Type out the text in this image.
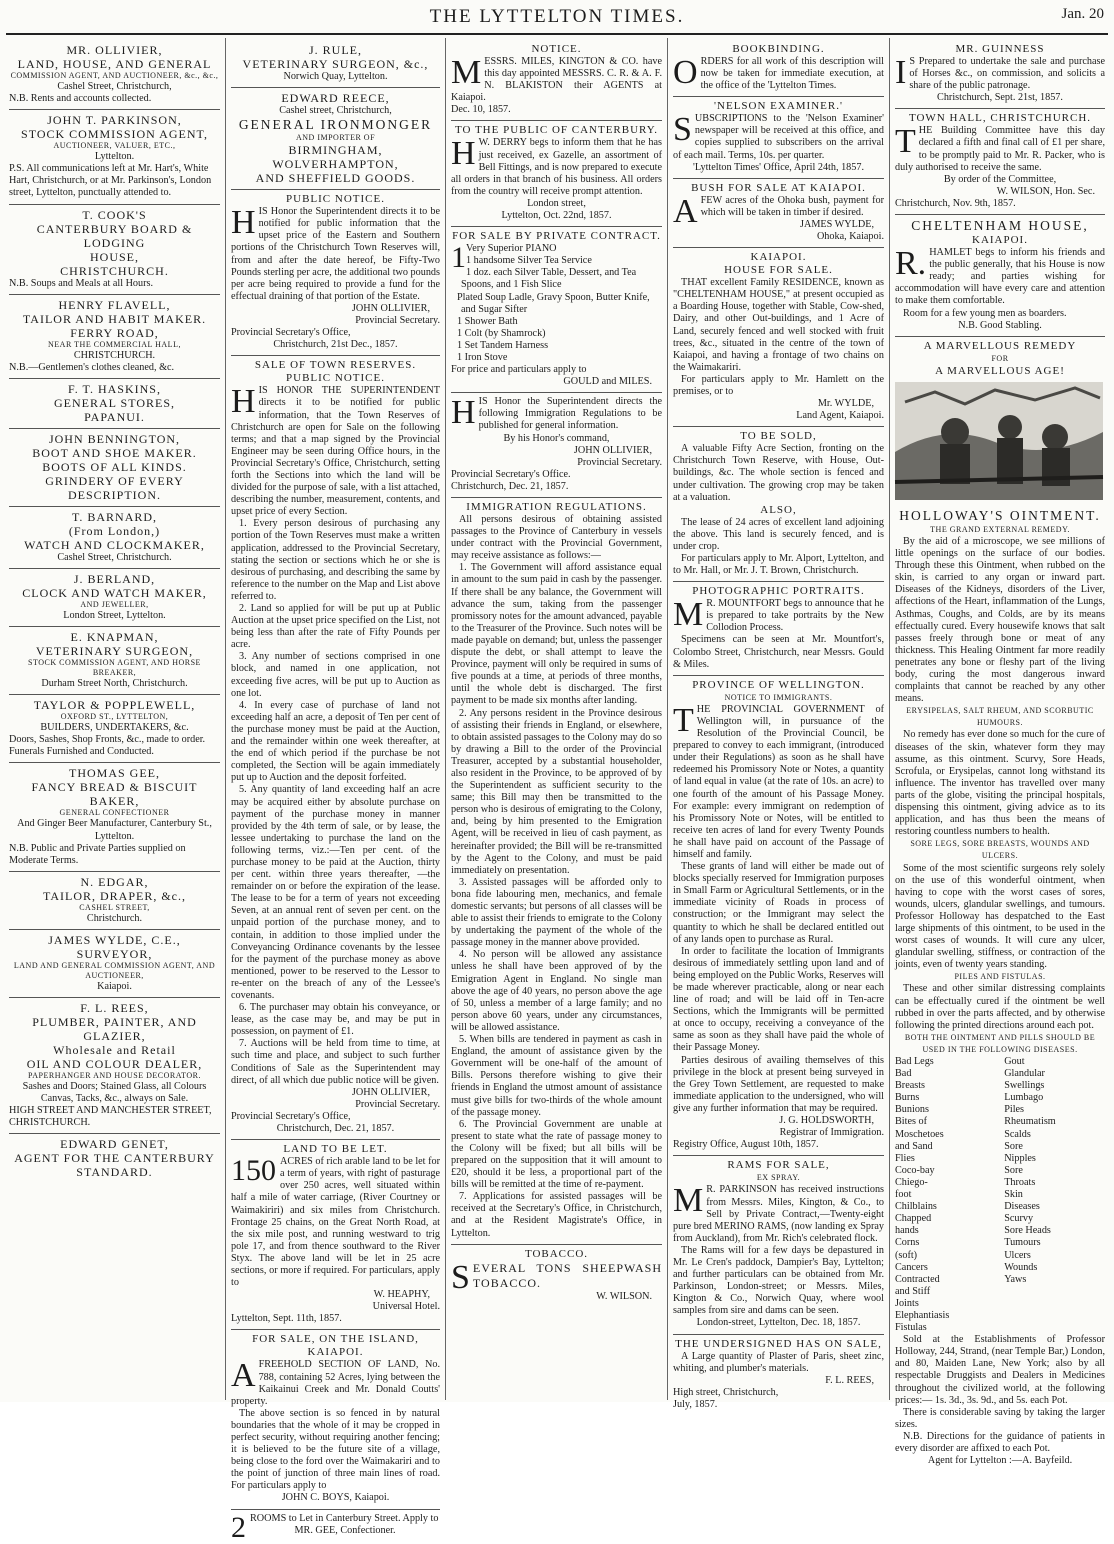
THE LYTTELTON TIMES.	Jan. 20
MR. OLLIVIER,
LAND, HOUSE, AND GENERAL
COMMISSION AGENT, AND AUCTIONEER, &c., &c.,
Cashel Street, Christchurch,
N.B. Rents and accounts collected.
JOHN T. PARKINSON,
STOCK COMMISSION AGENT,
AUCTIONEER, VALUER, ETC.,
Lyttelton.
P.S. All communications left at Mr. Hart's, White Hart, Christchurch, or at Mr. Parkinson's, London street, Lyttelton, punctually attended to.
T. COOK'S
CANTERBURY BOARD & LODGING
HOUSE,
CHRISTCHURCH.
N.B. Soups and Meals at all Hours.
HENRY FLAVELL,
TAILOR AND HABIT MAKER.
FERRY ROAD,
NEAR THE COMMERCIAL HALL,
CHRISTCHURCH.
N.B.—Gentlemen's clothes cleaned, &c.
F. T. HASKINS,
GENERAL STORES,
PAPANUI.
JOHN BENNINGTON,
BOOT AND SHOE MAKER.
BOOTS OF ALL KINDS.
GRINDERY OF EVERY DESCRIPTION.
T. BARNARD,
(From London,)
WATCH AND CLOCKMAKER,
Cashel Street, Christchurch.
J. BERLAND,
CLOCK AND WATCH MAKER,
AND JEWELLER,
London Street, Lyttelton.
E. KNAPMAN,
VETERINARY SURGEON,
STOCK COMMISSION AGENT, AND HORSE BREAKER,
Durham Street North, Christchurch.
TAYLOR & POPPLEWELL,
OXFORD ST., LYTTELTON,
BUILDERS, UNDERTAKERS, &c.
Doors, Sashes, Shop Fronts, &c., made to order. Funerals Furnished and Conducted.
THOMAS GEE,
FANCY BREAD & BISCUIT BAKER,
GENERAL CONFECTIONER
And Ginger Beer Manufacturer, Canterbury St., Lyttelton.
N.B. Public and Private Parties supplied on Moderate Terms.
N. EDGAR,
TAILOR, DRAPER, &c.,
CASHEL STREET,
Christchurch.
JAMES WYLDE, C.E.,
SURVEYOR,
LAND AND GENERAL COMMISSION AGENT, AND AUCTIONEER,
Kaiapoi.
F. L. REES,
PLUMBER, PAINTER, AND GLAZIER,
Wholesale and Retail
OIL AND COLOUR DEALER,
PAPERHANGER AND HOUSE DECORATOR.
Sashes and Doors; Stained Glass, all Colours Canvas, Tacks, &c., always on Sale.
HIGH STREET AND MANCHESTER STREET, CHRISTCHURCH.
EDWARD GENET,
AGENT FOR THE CANTERBURY
STANDARD.
J. RULE,
VETERINARY SURGEON, &c.,
Norwich Quay, Lyttelton.
EDWARD REECE,
Cashel street, Christchurch,
GENERAL IRONMONGER
AND IMPORTER OF
BIRMINGHAM, WOLVERHAMPTON,
AND SHEFFIELD GOODS.
PUBLIC NOTICE.

HIS Honor the Superintendent directs it to be notified for public information that the upset price of the Eastern and Southern portions of the Christchurch Town Reserves will, from and after the date hereof, be Fifty-Two Pounds sterling per acre, the additional two pounds per acre being required to provide a fund for the effectual draining of that portion of the Estate.

JOHN OLLIVIER,
Provincial Secretary.
Provincial Secretary's Office,
Christchurch, 21st Dec., 1857.
SALE OF TOWN RESERVES.
PUBLIC NOTICE.

HIS HONOR THE SUPERINTENDENT directs it to be notified for public information, that the Town Reserves of Christchurch are open for Sale on the following terms; and that a map signed by the Provincial Engineer may be seen during Office hours, in the Provincial Secretary's Office, Christchurch, setting forth the Sections into which the land will be divided for the purpose of sale, with a list attached, describing the number, measurement, contents, and upset price of every Section.

1. Every person desirous of purchasing any portion of the Town Reserves must make a written application, addressed to the Provincial Secretary, stating the section or sections which he or she is desirous of purchasing, and describing the same by reference to the number on the Map and List above referred to.

2. Land so applied for will be put up at Public Auction at the upset price specified on the List, not being less than after the rate of Fifty Pounds per acre.

3. Any number of sections comprised in one block, and named in one application, not exceeding five acres, will be put up to Auction as one lot.

4. In every case of purchase of land not exceeding half an acre, a deposit of Ten per cent of the purchase money must be paid at the Auction, and the remainder within one week thereafter, at the end of which period if the purchase be not completed, the Section will be again immediately put up to Auction and the deposit forfeited.

5. Any quantity of land exceeding half an acre may be acquired either by absolute purchase on payment of the purchase money in manner provided by the 4th term of sale, or by lease, the lessee undertaking to purchase the land on the following terms, viz.:—Ten per cent. of the purchase money to be paid at the Auction, thirty per cent. within three years thereafter, —the remainder on or before the expiration of the lease. The lease to be for a term of years not exceeding Seven, at an annual rent of seven per cent. on the unpaid portion of the purchase money, and to contain, in addition to those implied under the Conveyancing Ordinance covenants by the lessee for the payment of the purchase money as above mentioned, power to be reserved to the Lessor to re-enter on the breach of any of the Lessee's covenants.

6. The purchaser may obtain his conveyance, or lease, as the case may be, and may be put in possession, on payment of £1.

7. Auctions will be held from time to time, at such time and place, and subject to such further Conditions of Sale as the Superintendent may direct, of all which due public notice will be given.

JOHN OLLIVIER,
Provincial Secretary.
Provincial Secretary's Office,
Christchurch, Dec. 21, 1857.
LAND TO BE LET.

150 ACRES of rich arable land to be let for a term of years, with right of pasturage over 250 acres, well situated within half a mile of water carriage, (River Courtney or Waimakiriri) and six miles from Christchurch. Frontage 25 chains, on the Great North Road, at the six mile post, and running westward to trig pole 17, and from thence southward to the River Styx. The above land will be let in 25 acre sections, or more if required. For particulars, apply to

W. HEAPHY,
Universal Hotel.
Lyttelton, Sept. 11th, 1857.
FOR SALE, ON THE ISLAND, KAIAPOI.

AFREEHOLD SECTION OF LAND, No. 788, containing 52 Acres, lying between the Kaikainui Creek and Mr. Donald Coutts' property.

The above section is so fenced in by natural boundaries that the whole of it may be cropped in perfect security, without requiring another fencing; it is believed to be the future site of a village, being close to the ford over the Waimakariri and to the point of junction of three main lines of road. For particulars apply to

JOHN C. BOYS, Kaiapoi.

2 ROOMS to Let in Canterbury Street. Apply to

MR. GEE, Confectioner.
NOTICE.

MESSRS. MILES, KINGTON & CO. have this day appointed MESSRS. C. R. & A. F. N. BLAKISTON their AGENTS at Kaiapoi.

Dec. 10, 1857.
TO THE PUBLIC OF CANTERBURY.

H W. DERRY begs to inform them that he has just received, ex Gazelle, an assortment of Bell Fittings, and is now prepared to execute all orders in that branch of his business. All orders from the country will receive prompt attention.

London street,
Lyttelton, Oct. 22nd, 1857.
FOR SALE BY PRIVATE CONTRACT.
1 Very Superior PIANO
1 handsome Silver Tea Service
1 doz. each Silver Table, Dessert, and Tea Spoons, and 1 Fish Slice
Plated Soup Ladle, Gravy Spoon, Butter Knife, and Sugar Sifter
1 Shower Bath
1 Colt (by Shamrock)
1 Set Tandem Harness
1 Iron Stove
For price and particulars apply to
GOULD and MILES.

HIS Honor the Superintendent directs the following Immigration Regulations to be published for general information.

By his Honor's command,
JOHN OLLIVIER,
Provincial Secretary.
Provincial Secretary's Office.
Christchurch, Dec. 21, 1857.
IMMIGRATION REGULATIONS.

All persons desirous of obtaining assisted passages to the Province of Canterbury in vessels under contract with the Provincial Government, may receive assistance as follows:—

1. The Government will afford assistance equal in amount to the sum paid in cash by the passenger. If there shall be any balance, the Government will advance the sum, taking from the passenger promissory notes for the amount advanced, payable to the Treasurer of the Province. Such notes will be made payable on demand; but, unless the passenger dispute the debt, or shall attempt to leave the Province, payment will only be required in sums of five pounds at a time, at periods of three months, until the whole debt is discharged. The first payment to be made six months after landing.

2. Any persons resident in the Province desirous of assisting their friends in England, or elsewhere, to obtain assisted passages to the Colony may do so by drawing a Bill to the order of the Provincial Treasurer, accepted by a substantial householder, also resident in the Province, to be approved of by the Superintendent as sufficient security to the same; this Bill may then be transmitted to the person who is desirous of emigrating to the Colony, and, being by him presented to the Emigration Agent, will be received in lieu of cash payment, as hereinafter provided; the Bill will be re-transmitted by the Agent to the Colony, and must be paid immediately on presentation.

3. Assisted passages will be afforded only to bona fide labouring men, mechanics, and female domestic servants; but persons of all classes will be able to assist their friends to emigrate to the Colony by undertaking the payment of the whole of the passage money in the manner above provided.

4. No person will be allowed any assistance unless he shall have been approved of by the Emigration Agent in England. No single man above the age of 40 years, no person above the age of 50, unless a member of a large family; and no person above 60 years, under any circumstances, will be allowed assistance.

5. When bills are tendered in payment as cash in England, the amount of assistance given by the Government will be one-half of the amount of Bills. Persons therefore wishing to give their friends in England the utmost amount of assistance must give bills for two-thirds of the whole amount of the passage money.

6. The Provincial Government are unable at present to state what the rate of passage money to the Colony will be fixed; but all bills will be prepared on the supposition that it will amount to £20, should it be less, a proportional part of the bills will be remitted at the time of re-payment.

7. Applications for assisted passages will be received at the Secretary's Office, in Christchurch, and at the Resident Magistrate's Office, in Lyttelton.

TOBACCO.

SEVERAL TONS SHEEPWASH TOBACCO.

W. WILSON.
BOOKBINDING.

ORDERS for all work of this description will now be taken for immediate execution, at the office of the 'Lyttelton Times.

'NELSON EXAMINER.'

SUBSCRIPTIONS to the 'Nelson Examiner' newspaper will be received at this office, and copies supplied to subscribers on the arrival of each mail. Terms, 10s. per quarter.

'Lyttelton Times' Office, April 24th, 1857.
BUSH FOR SALE AT KAIAPOI.

AFEW acres of the Ohoka bush, payment for which will be taken in timber if desired.

JAMES WYLDE,
Ohoka, Kaiapoi.
KAIAPOI.
HOUSE FOR SALE.

THAT excellent Family RESIDENCE, known as "CHELTENHAM HOUSE," at present occupied as a Boarding House, together with Stable, Cow-shed, Dairy, and other Out-buildings, and 1 Acre of Land, securely fenced and well stocked with fruit trees, &c., situated in the centre of the town of Kaiapoi, and having a frontage of two chains on the Waimakariri.

For particulars apply to Mr. Hamlett on the premises, or to

Mr. WYLDE,
Land Agent, Kaiapoi.
TO BE SOLD,

A valuable Fifty Acre Section, fronting on the Christchurch Town Reserve, with House, Out-buildings, &c. The whole section is fenced and under cultivation. The growing crop may be taken at a valuation.

ALSO,

The lease of 24 acres of excellent land adjoining the above. This land is securely fenced, and is under crop.

For particulars apply to Mr. Alport, Lyttelton, and to Mr. Hall, or Mr. J. T. Brown, Christchurch.

PHOTOGRAPHIC PORTRAITS.

M R. MOUNTFORT begs to announce that he is prepared to take portraits by the New Collodion Process.

Specimens can be seen at Mr. Mountfort's, Colombo Street, Christchurch, near Messrs. Gould & Miles.

PROVINCE OF WELLINGTON.
NOTICE TO IMMIGRANTS.

THE PROVINCIAL GOVERNMENT of Wellington will, in pursuance of the Resolution of the Provincial Council, be prepared to convey to each immigrant, (introduced under their Regulations) as soon as he shall have redeemed his Promissory Note or Notes, a quantity of land equal in value (at the rate of 10s. an acre) to one fourth of the amount of his Passage Money. For example: every immigrant on redemption of his Promissory Note or Notes, will be entitled to receive ten acres of land for every Twenty Pounds he shall have paid on account of the Passage of himself and family.

These grants of land will either be made out of blocks specially reserved for Immigration purposes in Small Farm or Agricultural Settlements, or in the immediate vicinity of Roads in process of construction; or the Immigrant may select the quantity to which he shall be declared entitled out of any lands open to purchase as Rural.

In order to facilitate the location of Immigrants desirous of immediately settling upon land and of being employed on the Public Works, Reserves will be made wherever practicable, along or near each line of road; and will be laid off in Ten-acre Sections, which the Immigrants will be permitted at once to occupy, receiving a conveyance of the same as soon as they shall have paid the whole of their Passage Money.

Parties desirous of availing themselves of this privilege in the block at present being surveyed in the Grey Town Settlement, are requested to make immediate application to the undersigned, who will give any further information that may be required.

J. G. HOLDSWORTH,
Registrar of Immigration.
Registry Office, August 10th, 1857.
RAMS FOR SALE,
EX SPRAY.

M R. PARKINSON has received instructions from Messrs. Miles, Kington, & Co., to Sell by Private Contract,—Twenty-eight pure bred MERINO RAMS, (now landing ex Spray from Auckland), from Mr. Rich's celebrated flock.

The Rams will for a few days be depastured in Mr. Le Cren's paddock, Dampier's Bay, Lyttelton; and further particulars can be obtained from Mr. Parkinson, London-street; or Messrs. Miles, Kington & Co., Norwich Quay, where wool samples from sire and dams can be seen.

London-street, Lyttelton, Dec. 18, 1857.
THE UNDERSIGNED HAS ON SALE,

A Large quantity of Plaster of Paris, sheet zinc, whiting, and plumber's materials.

F. L. REES,
High street, Christchurch,
July, 1857.
MR. GUINNESS

I S Prepared to undertake the sale and purchase of Horses &c., on commission, and solicits a share of the public patronage.

Christchurch, Sept. 21st, 1857.
TOWN HALL, CHRISTCHURCH.

THE Building Committee have this day declared a fifth and final call of £1 per share, to be promptly paid to Mr. R. Packer, who is duly authorised to receive the same.

By order of the Committee,
W. WILSON, Hon. Sec.
Christchurch, Nov. 9th, 1857.
CHELTENHAM HOUSE,
KAIAPOI.

R. HAMLET begs to inform his friends and the public generally, that his House is now ready; and parties wishing for accommodation will have every care and attention to make them comfortable.

Room for a few young men as boarders.

N.B. Good Stabling.
A MARVELLOUS REMEDY
FOR
A MARVELLOUS AGE!
HOLLOWAY'S OINTMENT.
THE GRAND EXTERNAL REMEDY.

By the aid of a microscope, we see millions of little openings on the surface of our bodies. Through these this Ointment, when rubbed on the skin, is carried to any organ or inward part. Diseases of the Kidneys, disorders of the Liver, affections of the Heart, inflammation of the Lungs, Asthmas, Coughs, and Colds, are by its means effectually cured. Every housewife knows that salt passes freely through bone or meat of any thickness. This Healing Ointment far more readily penetrates any bone or fleshy part of the living body, curing the most dangerous inward complaints that cannot be reached by any other means.

ERYSIPELAS, SALT RHEUM, AND SCORBUTIC HUMOURS.

No remedy has ever done so much for the cure of diseases of the skin, whatever form they may assume, as this ointment. Scurvy, Sore Heads, Scrofula, or Erysipelas, cannot long withstand its influence. The inventor has travelled over many parts of the globe, visiting the principal hospitals, dispensing this ointment, giving advice as to its application, and has thus been the means of restoring countless numbers to health.

SORE LEGS, SORE BREASTS, WOUNDS AND ULCERS.

Some of the most scientific surgeons rely solely on the use of this wonderful ointment, when having to cope with the worst cases of sores, wounds, ulcers, glandular swellings, and tumours. Professor Holloway has despatched to the East large shipments of this ointment, to be used in the worst cases of wounds. It will cure any ulcer, glandular swelling, stiffness, or contraction of the joints, even of twenty years standing.

PILES AND FISTULAS.

These and other similar distressing complaints can be effectually cured if the ointment be well rubbed in over the parts affected, and by otherwise following the printed directions around each pot.

BOTH THE OINTMENT AND PILLS SHOULD BE USED IN THE FOLLOWING DISEASES.
Bad Legs
Bad Breasts
Burns
Bunions
Bites of Moschetoes and Sand Flies
Coco-bay
Chiego-foot
Chilblains
Chapped hands
Corns (soft)
Cancers
Contracted and Stiff Joints
Elephantiasis
Fistulas
Gout
Glandular Swellings
Lumbago
Piles
Rheumatism
Scalds
Sore Nipples
Sore Throats
Skin Diseases
Scurvy
Sore Heads
Tumours
Ulcers
Wounds
Yaws

Sold at the Establishments of Professor Holloway, 244, Strand, (near Temple Bar,) London, and 80, Maiden Lane, New York; also by all respectable Druggists and Dealers in Medicines throughout the civilized world, at the following prices:— 1s. 3d., 3s. 9d., and 5s. each Pot.

There is considerable saving by taking the larger sizes.

N.B. Directions for the guidance of patients in every disorder are affixed to each Pot.

Agent for Lyttelton :—A. Bayfeild.
